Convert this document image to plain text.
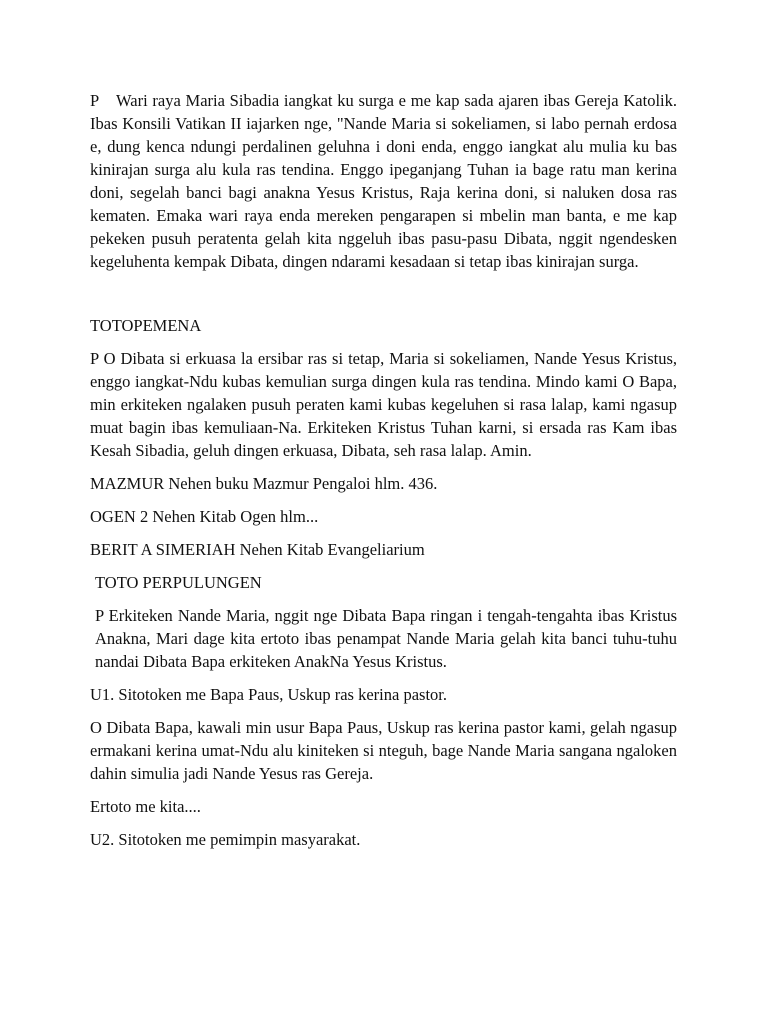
P Wari raya Maria Sibadia iangkat ku surga e me kap sada ajaren ibas Gereja Katolik. Ibas Konsili Vatikan II iajarken nge, "Nande Maria si sokeliamen, si labo pernah erdosa e, dung kenca ndungi perdalinen geluhna i doni enda, enggo iangkat alu mulia ku bas kinirajan surga alu kula ras tendina. Enggo ipeganjang Tuhan ia bage ratu man kerina doni, segelah banci bagi anakna Yesus Kristus, Raja kerina doni, si naluken dosa ras kematen. Emaka wari raya enda mereken pengarapen si mbelin man banta, e me kap pekeken pusuh peratenta gelah kita nggeluh ibas pasu-pasu Dibata, nggit ngendesken kegeluhenta kempak Dibata, dingen ndarami kesadaan si tetap ibas kinirajan surga.

TOTOPEMENA

P O Dibata si erkuasa la ersibar ras si tetap, Maria si sokeliamen, Nande Yesus Kristus, enggo iangkat-Ndu kubas kemulian surga dingen kula ras tendina. Mindo kami O Bapa, min erkiteken ngalaken pusuh peraten kami kubas kegeluhen si rasa lalap, kami ngasup muat bagin ibas kemuliaan-Na. Erkiteken Kristus Tuhan karni, si ersada ras Kam ibas Kesah Sibadia, geluh dingen erkuasa, Dibata, seh rasa lalap. Amin.

MAZMUR Nehen buku Mazmur Pengaloi hlm. 436.

OGEN 2 Nehen Kitab Ogen hlm...

BERIT A SIMERIAH Nehen Kitab Evangeliarium

TOTO PERPULUNGEN

P Erkiteken Nande Maria, nggit nge Dibata Bapa ringan i tengah-tengahta ibas Kristus Anakna, Mari dage kita ertoto ibas penampat Nande Maria gelah kita banci tuhu-tuhu nandai Dibata Bapa erkiteken AnakNa Yesus Kristus.

U1. Sitotoken me Bapa Paus, Uskup ras kerina pastor.

O Dibata Bapa, kawali min usur Bapa Paus, Uskup ras kerina pastor kami, gelah ngasup ermakani kerina umat-Ndu alu kiniteken si nteguh, bage Nande Maria sangana ngaloken dahin simulia jadi Nande Yesus ras Gereja.

Ertoto me kita....

U2. Sitotoken me pemimpin masyarakat.
